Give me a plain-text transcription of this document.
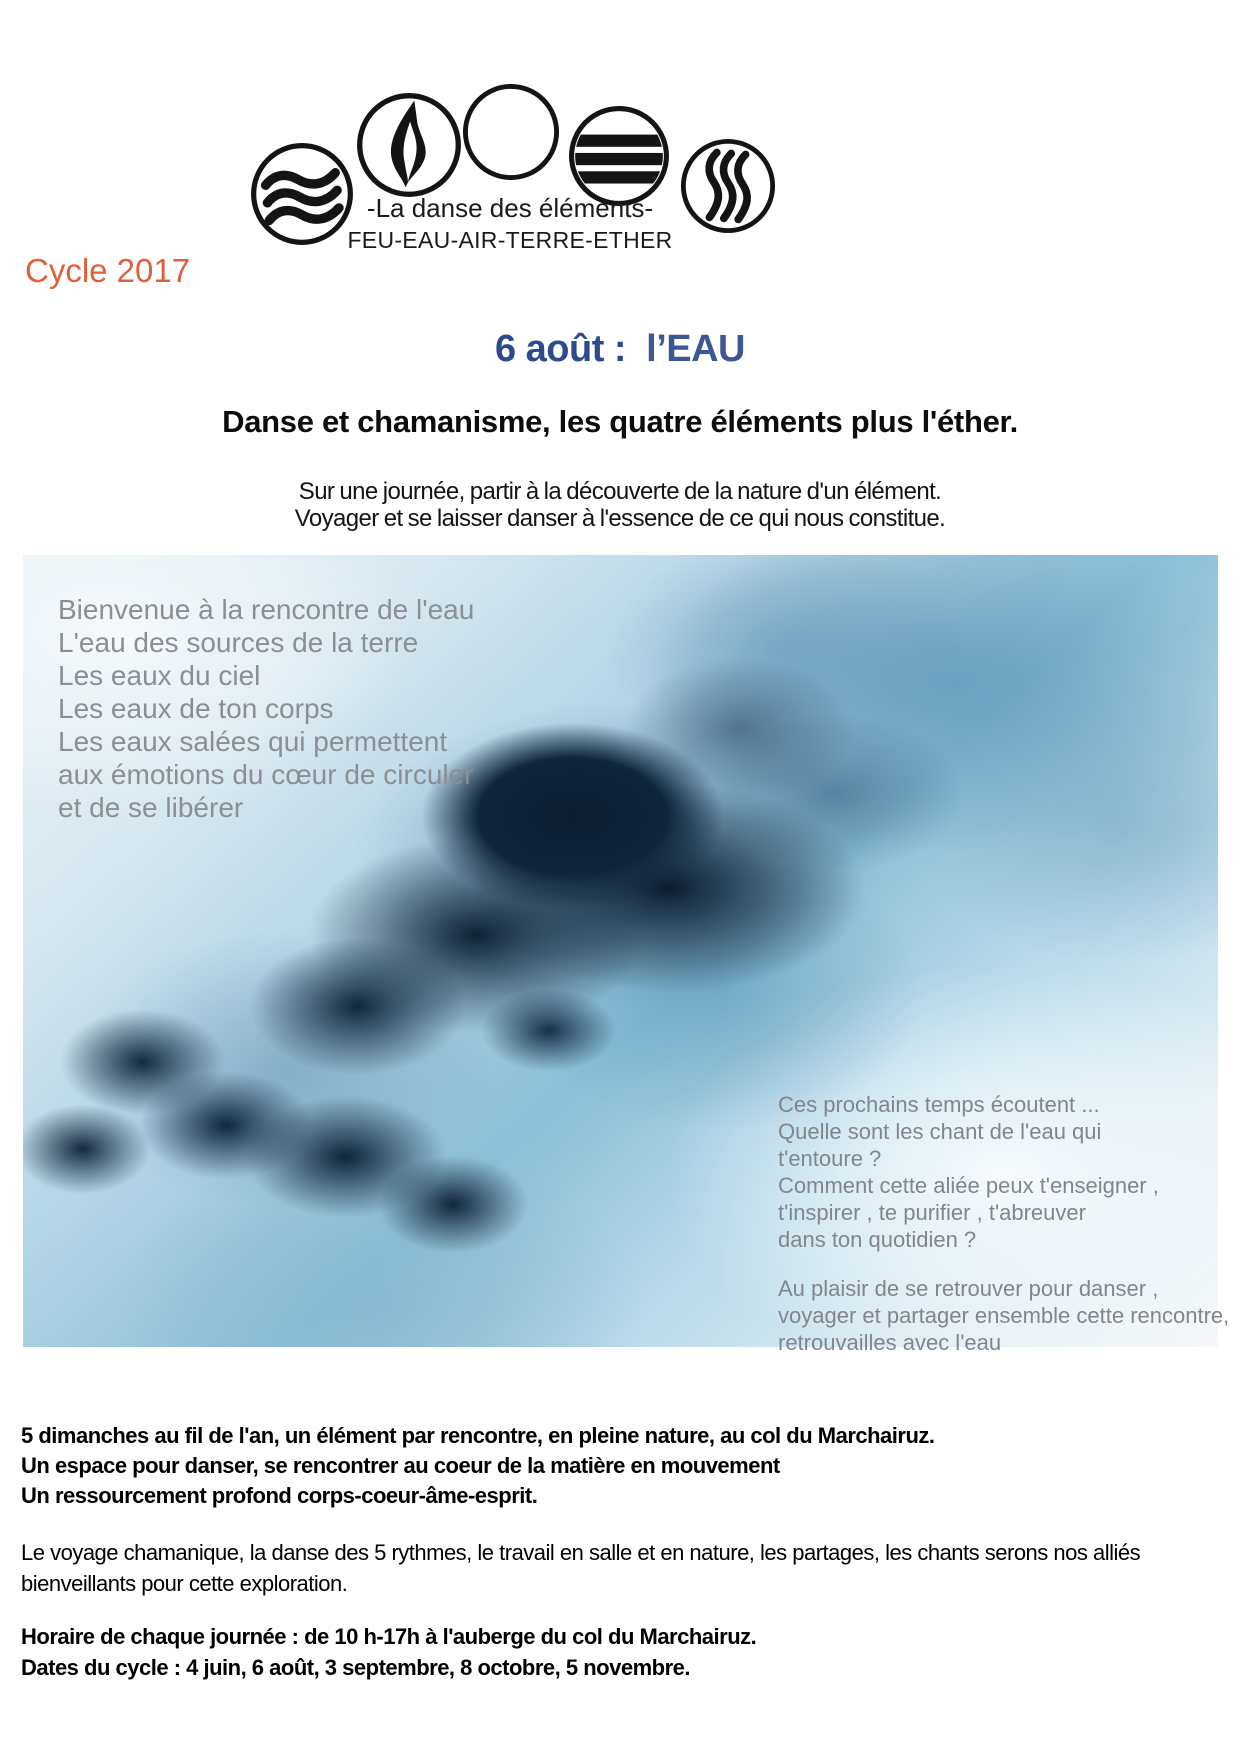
Cycle 2017
-La danse des éléments-
FEU-EAU-AIR-TERRE-ETHER
6 août : l’EAU
Danse et chamanisme, les quatre éléments plus l'éther.
Sur une journée, partir à la découverte de la nature d'un élément.
Voyager et se laisser danser à l'essence de ce qui nous constitue.
Bienvenue à la rencontre de l'eau
L'eau des sources de la terre
Les eaux du ciel
Les eaux de ton corps
Les eaux salées qui permettent
aux émotions du cœur de circuler
et de se libérer
Ces prochains temps écoutent ...
Quelle sont les chant de l'eau qui
t'entoure ?
Comment cette aliée peux t'enseigner ,
t'inspirer , te purifier , t'abreuver
dans ton quotidien ?
Au plaisir de se retrouver pour danser ,
voyager et partager ensemble cette rencontre,
retrouvailles avec l'eau
5 dimanches au fil de l'an, un élément par rencontre, en pleine nature, au col du Marchairuz.
Un espace pour danser, se rencontrer au coeur de la matière en mouvement
Un ressourcement profond corps-coeur-âme-esprit.
Le voyage chamanique, la danse des 5 rythmes, le travail en salle et en nature, les partages, les chants serons nos alliés
bienveillants pour cette exploration.
Horaire de chaque journée : de 10 h-17h à l'auberge du col du Marchairuz.
Dates du cycle : 4 juin, 6 août, 3 septembre, 8 octobre, 5 novembre.
